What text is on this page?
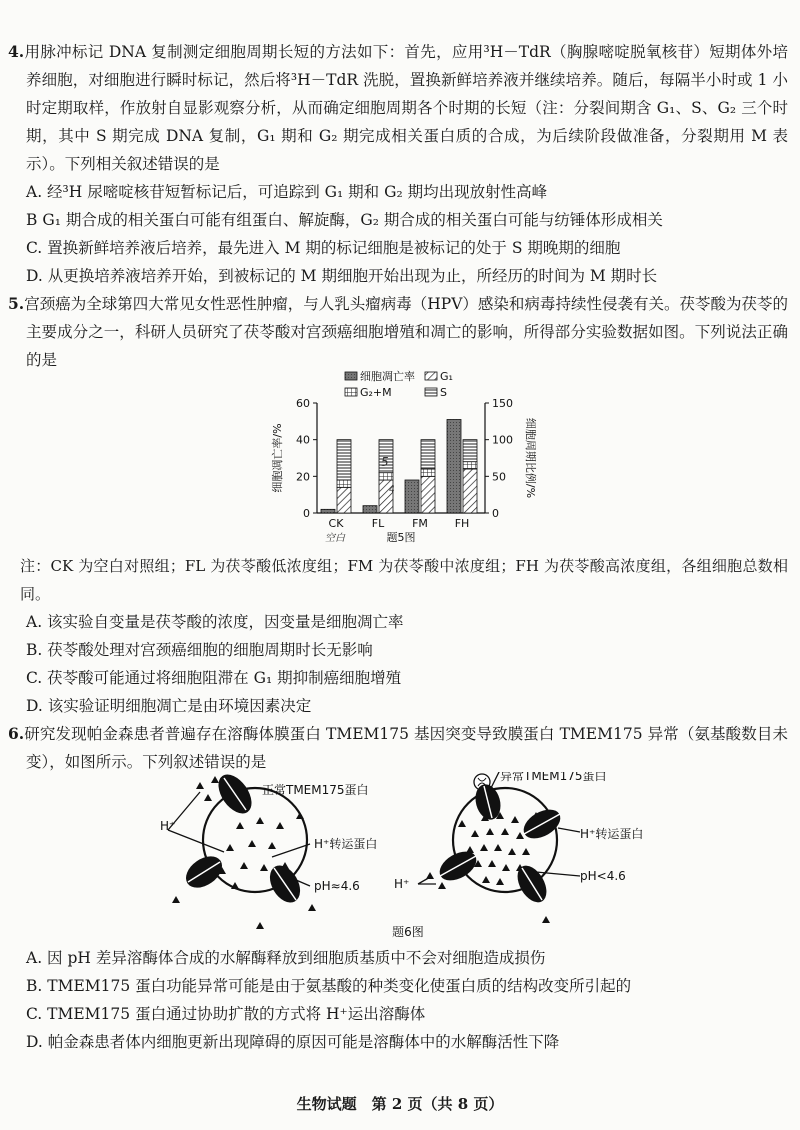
4.用脉冲标记 DNA 复制测定细胞周期长短的方法如下：首先，应用³H－TdR（胸腺嘧啶脱氧核苷）短期体外培养细胞，对细胞进行瞬时标记，然后将³H－TdR 洗脱，置换新鲜培养液并继续培养。随后，每隔半小时或 1 小时定期取样，作放射自显影观察分析，从而确定细胞周期各个时期的长短（注：分裂间期含 G₁、S、G₂ 三个时期，其中 S 期完成 DNA 复制，G₁ 期和 G₂ 期完成相关蛋白质的合成，为后续阶段做准备，分裂期用 M 表示）。下列相关叙述错误的是

A. 经³H 尿嘧啶核苷短暂标记后，可追踪到 G₁ 期和 G₂ 期均出现放射性高峰

B G₁ 期合成的相关蛋白可能有组蛋白、解旋酶，G₂ 期合成的相关蛋白可能与纺锤体形成相关

C. 置换新鲜培养液后培养，最先进入 M 期的标记细胞是被标记的处于 S 期晚期的细胞

D. 从更换培养液培养开始，到被标记的 M 期细胞开始出现为止，所经历的时间为 M 期时长

5.宫颈癌为全球第四大常见女性恶性肿瘤，与人乳头瘤病毒（HPV）感染和病毒持续性侵袭有关。茯苓酸为茯苓的主要成分之一，科研人员研究了茯苓酸对宫颈癌细胞增殖和凋亡的影响，所得部分实验数据如图。下列说法正确的是

细胞凋亡率 G₁
G₂+M	S
0
20
40
60
0
50
100
150
细胞凋亡率/%	细胞周期比例/%
CK	FL	FM FH
空白
5
4
题5图

注：CK 为空白对照组；FL 为茯苓酸低浓度组；FM 为茯苓酸中浓度组；FH 为茯苓酸高浓度组，各组细胞总数相同。

A. 该实验自变量是茯苓酸的浓度，因变量是细胞凋亡率

B. 茯苓酸处理对宫颈癌细胞的细胞周期时长无影响

C. 茯苓酸可能通过将细胞阻滞在 G₁ 期抑制癌细胞增殖

D. 该实验证明细胞凋亡是由环境因素决定

6.研究发现帕金森患者普遍存在溶酶体膜蛋白 TMEM175 基因突变导致膜蛋白 TMEM175 异常（氨基酸数目未变），如图所示。下列叙述错误的是

H⁺
正常TMEM175蛋白
H⁺转运蛋白
pH≈4.6
异常TMEM175蛋白
H⁺转运蛋白
pH<4.6
H⁺
题6图

A. 因 pH 差异溶酶体合成的水解酶释放到细胞质基质中不会对细胞造成损伤

B. TMEM175 蛋白功能异常可能是由于氨基酸的种类变化使蛋白质的结构改变所引起的

C. TMEM175 蛋白通过协助扩散的方式将 H⁺运出溶酶体

D. 帕金森患者体内细胞更新出现障碍的原因可能是溶酶体中的水解酶活性下降

生物试题　第 2 页（共 8 页）
